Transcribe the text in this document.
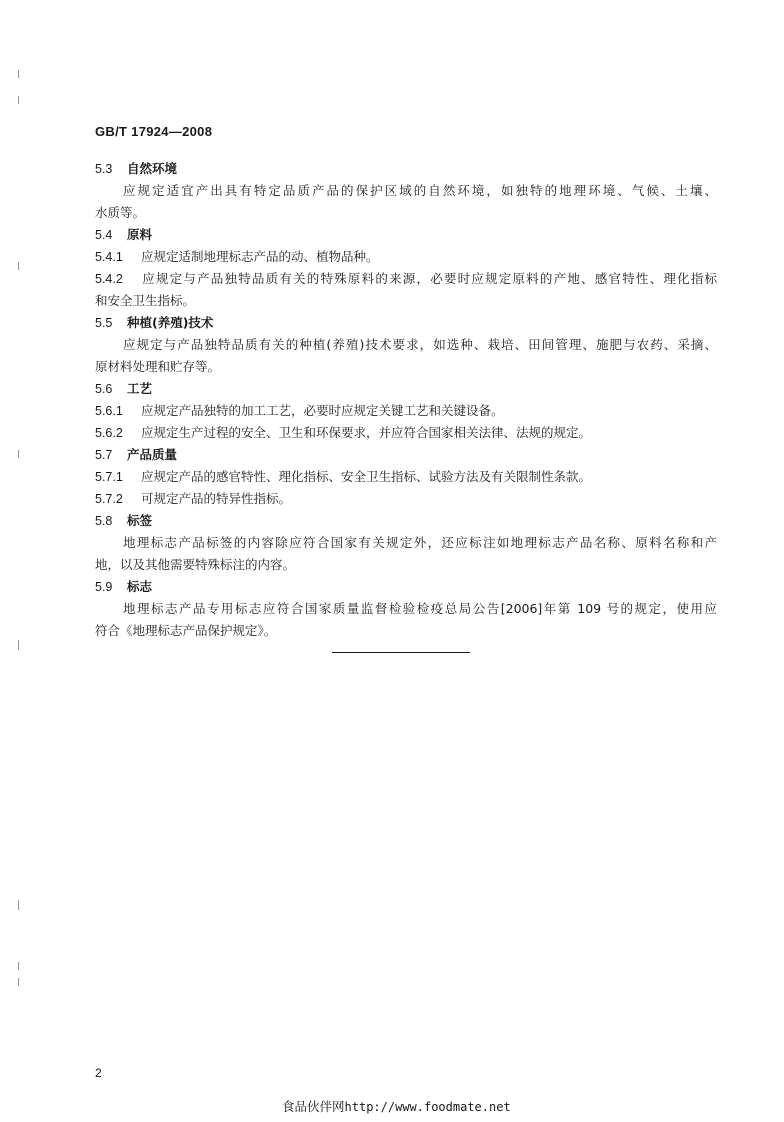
GB/T 17924—2008
5.3 自然环境
应规定适宜产出具有特定品质产品的保护区域的自然环境，如独特的地理环境、气候、土壤、
水质等。
5.4 原料
5.4.1 应规定适制地理标志产品的动、植物品种。
5.4.2 应规定与产品独特品质有关的特殊原料的来源，必要时应规定原料的产地、感官特性、理化指标
和安全卫生指标。
5.5 种植(养殖)技术
应规定与产品独特品质有关的种植(养殖)技术要求，如选种、栽培、田间管理、施肥与农药、采摘、
原材料处理和贮存等。
5.6 工艺
5.6.1 应规定产品独特的加工工艺，必要时应规定关键工艺和关键设备。
5.6.2 应规定生产过程的安全、卫生和环保要求，并应符合国家相关法律、法规的规定。
5.7 产品质量
5.7.1 应规定产品的感官特性、理化指标、安全卫生指标、试验方法及有关限制性条款。
5.7.2 可规定产品的特异性指标。
5.8 标签
地理标志产品标签的内容除应符合国家有关规定外，还应标注如地理标志产品名称、原料名称和产
地，以及其他需要特殊标注的内容。
5.9 标志
地理标志产品专用标志应符合国家质量监督检验检疫总局公告[2006]年第 109 号的规定，使用应
符合《地理标志产品保护规定》。
2
食品伙伴网http://www.foodmate.net
